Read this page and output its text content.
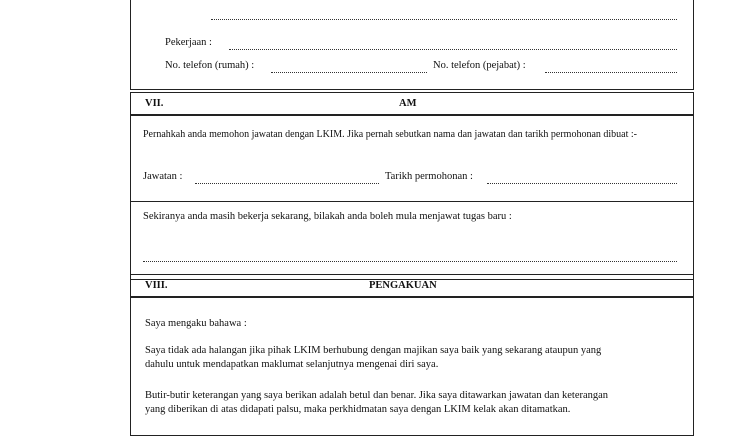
Pekerjaan :
No. telefon (rumah) :	No. telefon (pejabat) :
VII.	AM
Pernahkah anda memohon jawatan dengan LKIM. Jika pernah sebutkan nama dan jawatan dan tarikh permohonan dibuat :-
Jawatan :	Tarikh permohonan :
Sekiranya anda masih bekerja sekarang, bilakah anda boleh mula menjawat tugas baru :
VIII.	PENGAKUAN
Saya mengaku bahawa :
Saya tidak ada halangan jika pihak LKIM berhubung dengan majikan saya baik yang sekarang ataupun yang
dahulu untuk mendapatkan maklumat selanjutnya mengenai diri saya.
Butir-butir keterangan yang saya berikan adalah betul dan benar. Jika saya ditawarkan jawatan dan keterangan
yang diberikan di atas didapati palsu, maka perkhidmatan saya dengan LKIM kelak akan ditamatkan.
